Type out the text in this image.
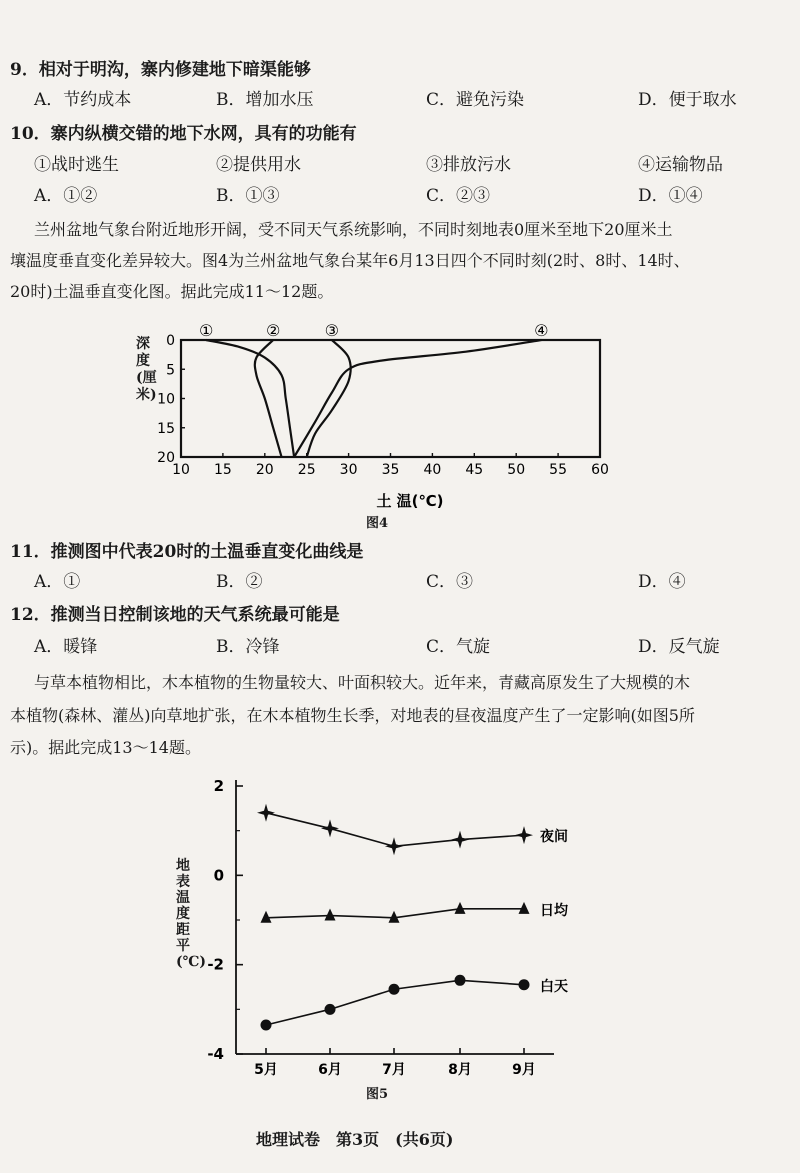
9．相对于明沟，寨内修建地下暗渠能够
A．节约成本	B．增加水压	C．避免污染	D．便于取水
10．寨内纵横交错的地下水网，具有的功能有
①战时逃生	②提供用水	③排放污水	④运输物品
A．①②	B．①③	C．②③	D．①④
兰州盆地气象台附近地形开阔，受不同天气系统影响，不同时刻地表0厘米至地下20厘米土
壤温度垂直变化差异较大。图4为兰州盆地气象台某年6月13日四个不同时刻(2时、8时、14时、
20时)土温垂直变化图。据此完成11～12题。
10 15 20 25 30 35 40 45 50 55 60
0
5
10
15
20
①	②	③	④
土 温(℃)
深度(厘米)
图4
11．推测图中代表20时的土温垂直变化曲线是
A．①	B．②	C．③	D．④
12．推测当日控制该地的天气系统最可能是
A．暖锋	B．冷锋	C．气旋	D．反气旋
与草本植物相比，木本植物的生物量较大、叶面积较大。近年来，青藏高原发生了大规模的木
本植物(森林、灌丛)向草地扩张，在木本植物生长季，对地表的昼夜温度产生了一定影响(如图5所
示)。据此完成13～14题。
2
0
-2
-4
5月	6月	7月	8月	9月
夜间
日均
白天
地表温度距平(℃)
图5
地理试卷　第3页　(共6页)
